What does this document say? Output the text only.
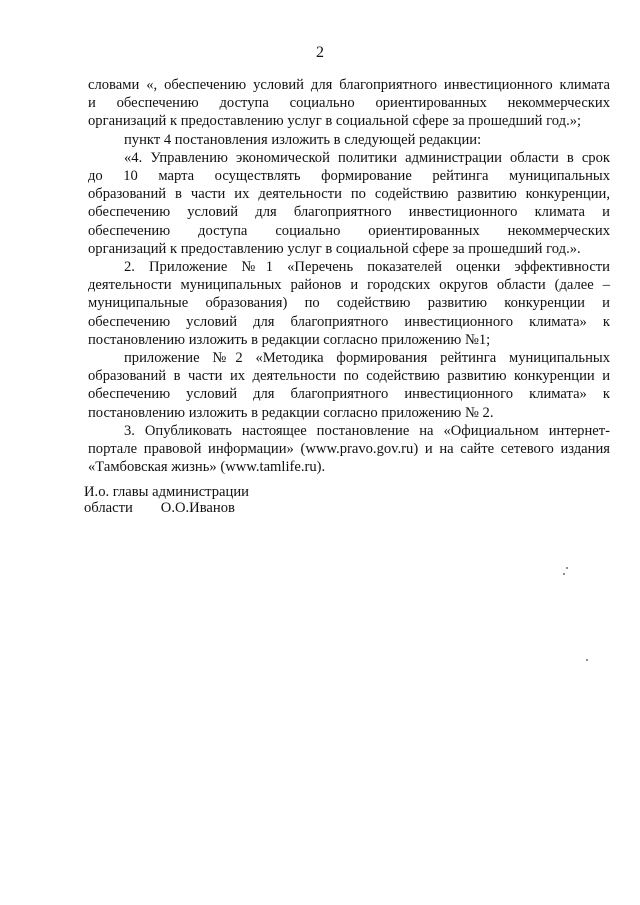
2
словами «, обеспечению условий для благоприятного инвестиционного климата
и обеспечению доступа социально ориентированных некоммерческих
организаций к предоставлению услуг в социальной сфере за прошедший год.»;
пункт 4 постановления изложить в следующей редакции:
«4. Управлению экономической политики администрации области в срок
до 10 марта осуществлять формирование рейтинга муниципальных
образований в части их деятельности по содействию развитию конкуренции,
обеспечению условий для благоприятного инвестиционного климата и
обеспечению доступа социально ориентированных некоммерческих
организаций к предоставлению услуг в социальной сфере за прошедший год.».
2. Приложение №1 «Перечень показателей оценки эффективности
деятельности муниципальных районов и городских округов области (далее –
муниципальные образования) по содействию развитию конкуренции и
обеспечению условий для благоприятного инвестиционного климата» к
постановлению изложить в редакции согласно приложению №1;
приложение №2 «Методика формирования рейтинга муниципальных
образований в части их деятельности по содействию развитию конкуренции и
обеспечению условий для благоприятного инвестиционного климата» к
постановлению изложить в редакции согласно приложению № 2.
3. Опубликовать настоящее постановление на «Официальном интернет-
портале правовой информации» (www.pravo.gov.ru) и на сайте сетевого издания
«Тамбовская жизнь» (www.tamlife.ru).
И.о. главы администрации
области О.О.Иванов
